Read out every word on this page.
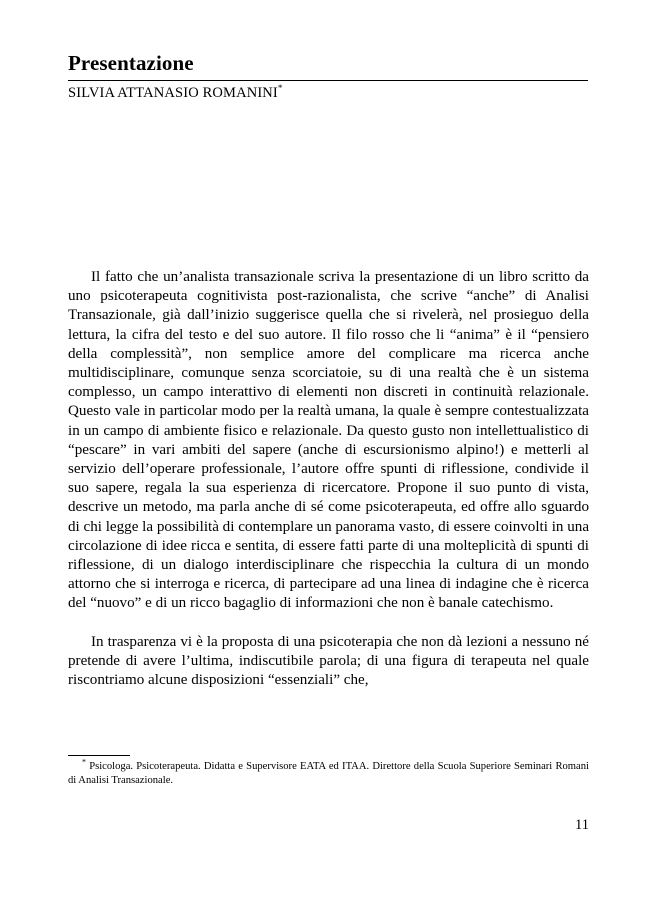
Presentazione
SILVIA ATTANASIO ROMANINI*

Il fatto che un’analista transazionale scriva la presentazione di un libro scritto da uno psicoterapeuta cognitivista post-razionalista, che scrive “anche” di Analisi Transazionale, già dall’inizio suggerisce quella che si rivelerà, nel prosieguo della lettura, la cifra del testo e del suo autore. Il filo rosso che li “anima” è il “pensiero della complessità”, non semplice amore del complicare ma ricerca anche multidisciplinare, comunque senza scorciatoie, su di una realtà che è un sistema complesso, un campo interattivo di elementi non discreti in continuità relazionale. Questo vale in particolar modo per la realtà umana, la quale è sempre contestualizzata in un campo di ambiente fisico e relazionale. Da questo gusto non intellettualistico di “pescare” in vari ambiti del sapere (anche di escursionismo alpino!) e metterli al servizio dell’operare professionale, l’autore offre spunti di riflessione, condivide il suo sapere, regala la sua esperienza di ricercatore. Propone il suo punto di vista, descrive un metodo, ma parla anche di sé come psicoterapeuta, ed offre allo sguardo di chi legge la possibilità di contemplare un panorama vasto, di essere coinvolti in una circolazione di idee ricca e sentita, di essere fatti parte di una molteplicità di spunti di riflessione, di un dialogo interdisciplinare che rispecchia la cultura di un mondo attorno che si interroga e ricerca, di partecipare ad una linea di indagine che è ricerca del “nuovo” e di un ricco bagaglio di informazioni che non è banale catechismo.

In trasparenza vi è la proposta di una psicoterapia che non dà lezioni a nessuno né pretende di avere l’ultima, indiscutibile parola; di una figura di terapeuta nel quale riscontriamo alcune disposizioni “essenziali” che,

* Psicologa. Psicoterapeuta. Didatta e Supervisore EATA ed ITAA. Direttore della Scuola Superiore Seminari Romani di Analisi Transazionale.

11
